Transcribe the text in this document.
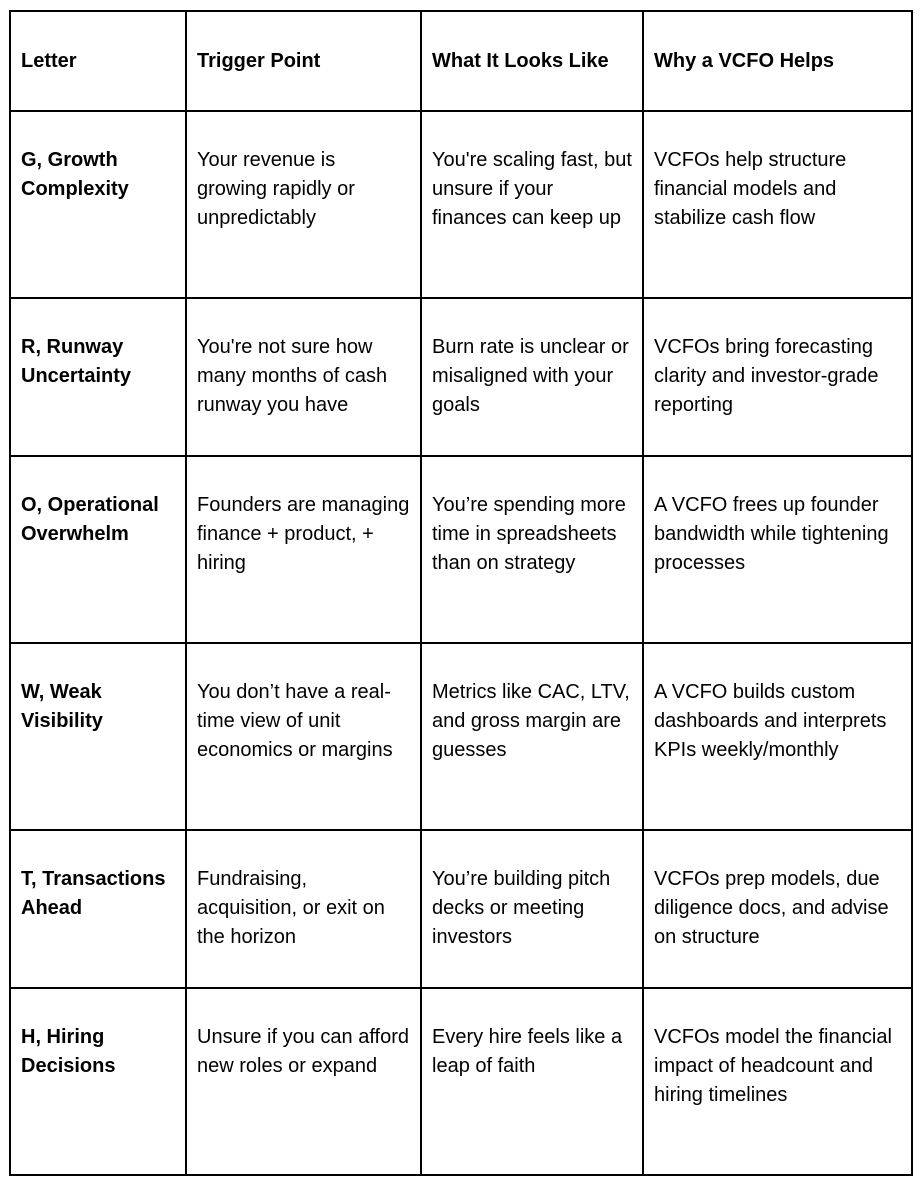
Letter	Trigger Point	What It Looks Like	Why a VCFO Helps
G, Growth Complexity	Your revenue is growing rapidly or unpredictably	You're scaling fast, but unsure if your finances can keep up	VCFOs help structure financial models and stabilize cash flow
R, Runway Uncertainty	You're not sure how many months of cash runway you have	Burn rate is unclear or misaligned with your goals	VCFOs bring forecasting clarity and investor-grade reporting
O, Operational Overwhelm	Founders are managing finance + product, + hiring	You’re spending more time in spreadsheets than on strategy	A VCFO frees up founder bandwidth while tightening processes
W, Weak Visibility	You don’t have a real-time view of unit economics or margins	Metrics like CAC, LTV, and gross margin are guesses	A VCFO builds custom dashboards and interprets KPIs weekly/monthly
T, Transactions Ahead	Fundraising, acquisition, or exit on the horizon	You’re building pitch decks or meeting investors	VCFOs prep models, due diligence docs, and advise on structure
H, Hiring Decisions	Unsure if you can afford new roles or expand	Every hire feels like a leap of faith	VCFOs model the financial impact of headcount and hiring timelines
